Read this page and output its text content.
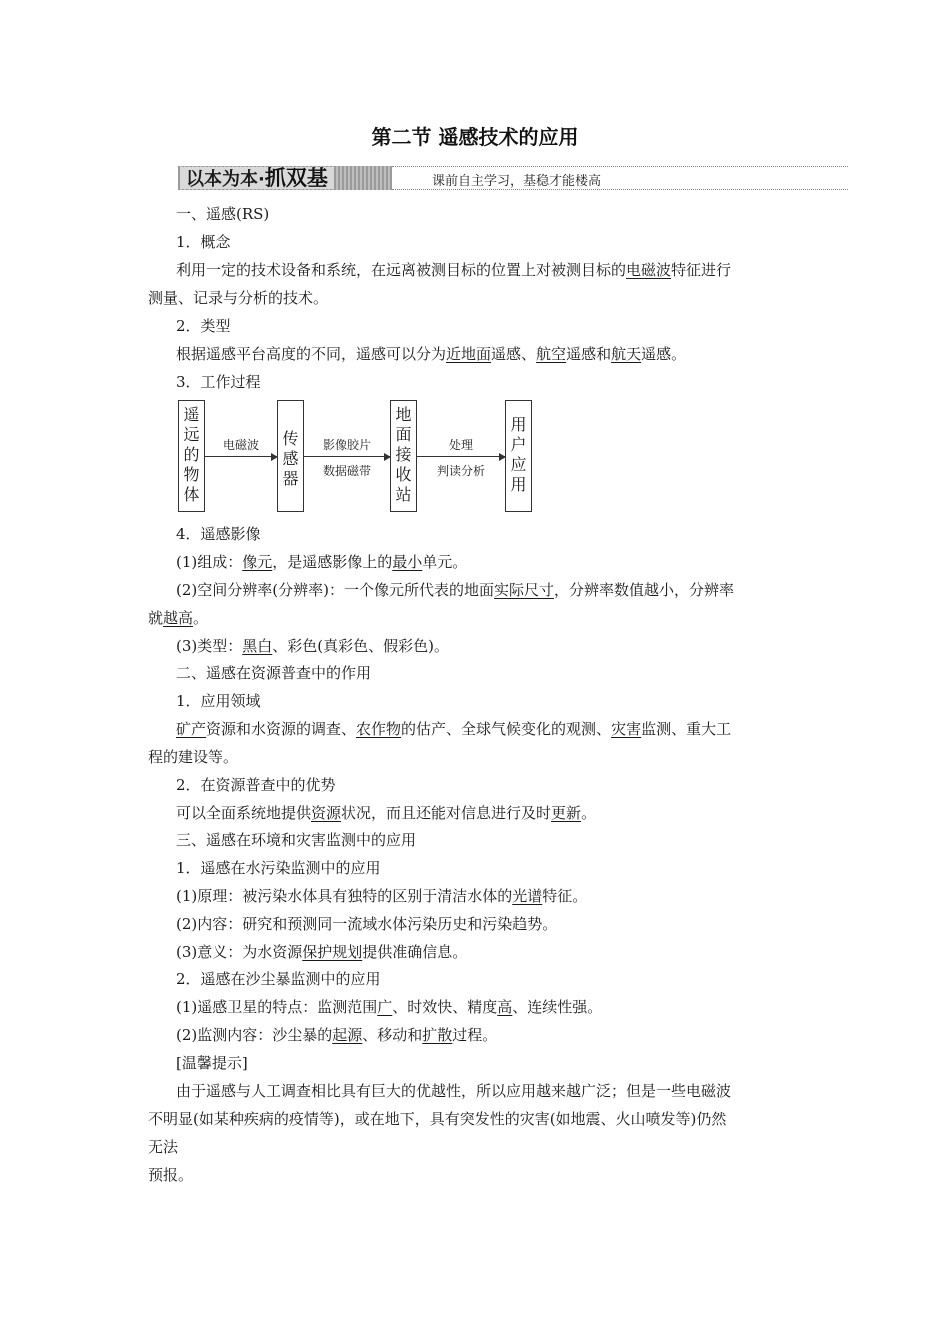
第二节 遥感技术的应用
以本为本·抓双基	课前自主学习，基稳才能楼高
一、遥感(RS)
1．概念
利用一定的技术设备和系统，在远离被测目标的位置上对被测目标的电磁波特征进行
测量、记录与分析的技术。
2．类型
根据遥感平台高度的不同，遥感可以分为近地面遥感、航空遥感和航天遥感。
3．工作过程
遥远的物体
电磁波	传感器
影像胶片
数据磁带
地面接收站
处理
判读分析
用户应用
4．遥感影像
(1)组成：像元，是遥感影像上的最小单元。
(2)空间分辨率(分辨率)：一个像元所代表的地面实际尺寸，分辨率数值越小，分辨率
就越高。
(3)类型：黑白、彩色(真彩色、假彩色)。
二、遥感在资源普查中的作用
1．应用领域
矿产资源和水资源的调查、农作物的估产、全球气候变化的观测、灾害监测、重大工
程的建设等。
2．在资源普查中的优势
可以全面系统地提供资源状况，而且还能对信息进行及时更新。
三、遥感在环境和灾害监测中的应用
1．遥感在水污染监测中的应用
(1)原理：被污染水体具有独特的区别于清洁水体的光谱特征。
(2)内容：研究和预测同一流域水体污染历史和污染趋势。
(3)意义：为水资源保护规划提供准确信息。
2．遥感在沙尘暴监测中的应用
(1)遥感卫星的特点：监测范围广、时效快、精度高、连续性强。
(2)监测内容：沙尘暴的起源、移动和扩散过程。
[温馨提示]
由于遥感与人工调查相比具有巨大的优越性，所以应用越来越广泛；但是一些电磁波
不明显(如某种疾病的疫情等)，或在地下，具有突发性的灾害(如地震、火山喷发等)仍然
无法
预报。
